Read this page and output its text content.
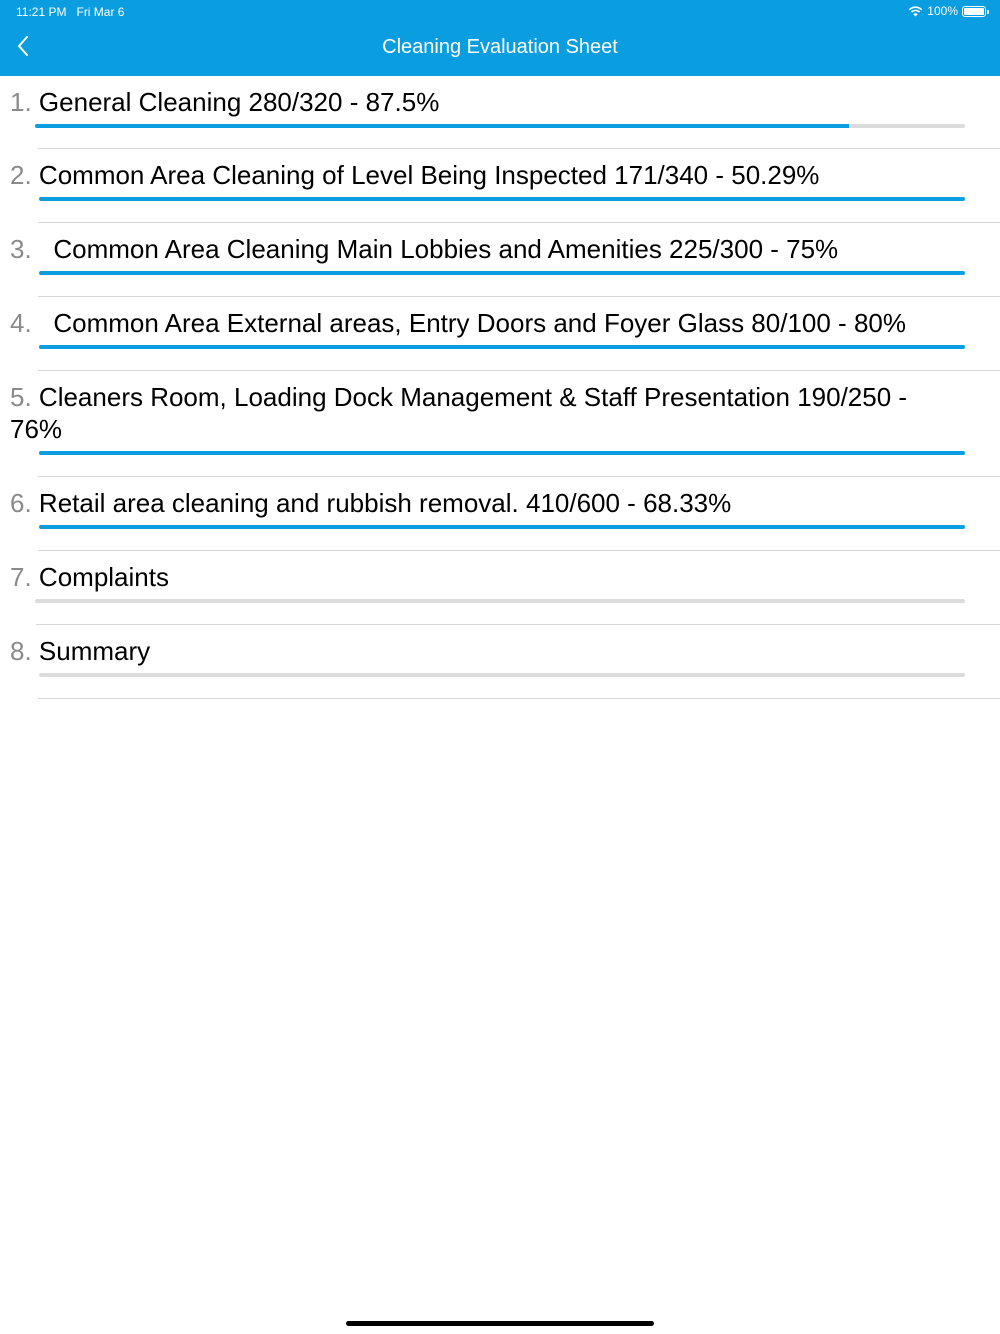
11:21 PM Fri Mar 6	100%
Cleaning Evaluation Sheet
1. General Cleaning 280/320 - 87.5%
2. Common Area Cleaning of Level Being Inspected 171/340 - 50.29%
3. Common Area Cleaning Main Lobbies and Amenities 225/300 - 75%
4. Common Area External areas, Entry Doors and Foyer Glass 80/100 - 80%
5. Cleaners Room, Loading Dock Management & Staff Presentation 190/250 - 76%
6. Retail area cleaning and rubbish removal. 410/600 - 68.33%
7. Complaints
8. Summary
